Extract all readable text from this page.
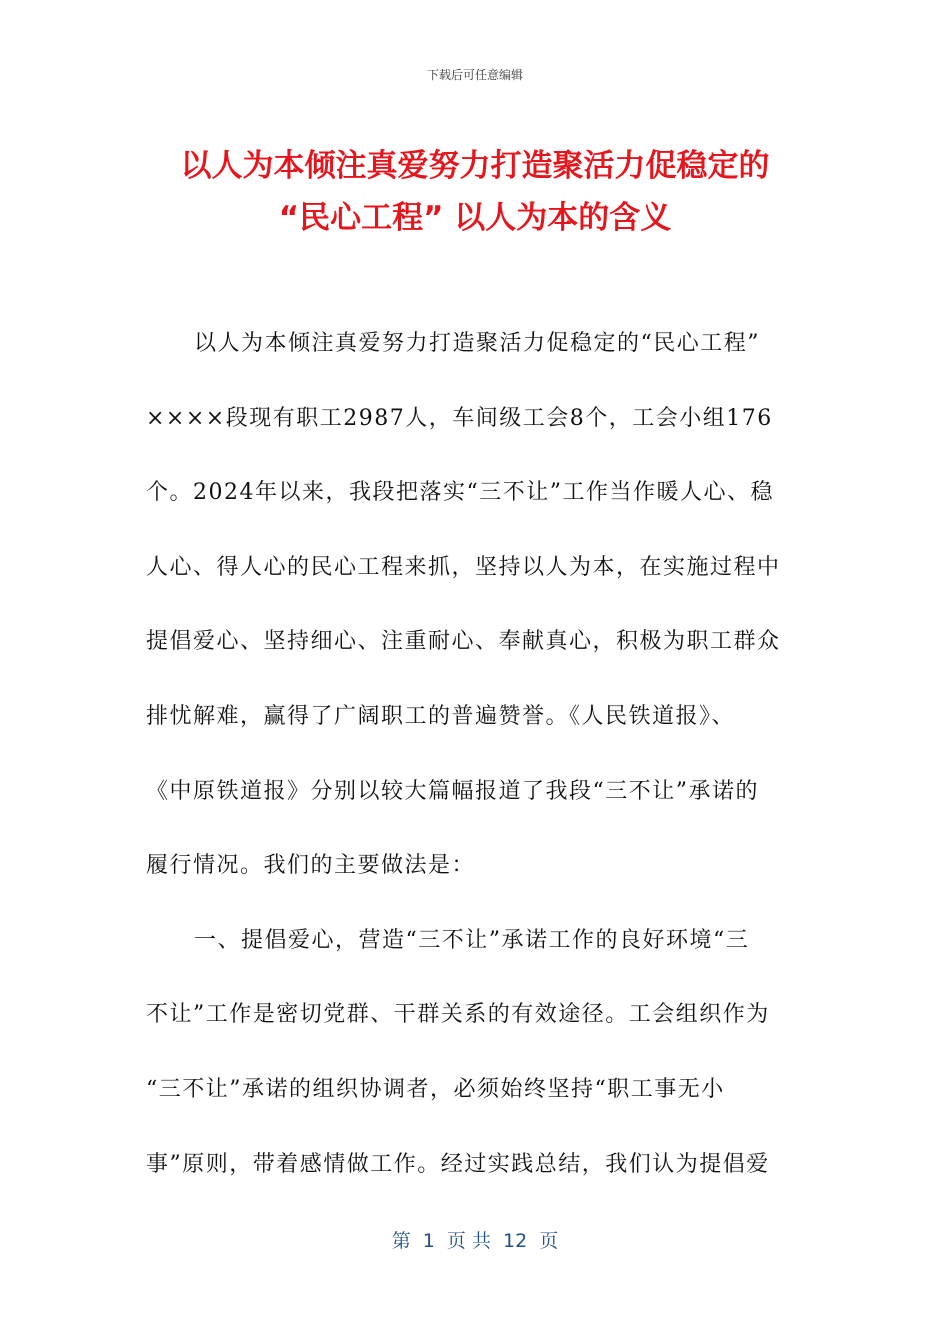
下载后可任意编辑
以人为本倾注真爱努力打造聚活力促稳定的
“民心工程” 以人为本的含义
以人为本倾注真爱努力打造聚活力促稳定的“民心工程”
××××段现有职工2987人，车间级工会8个，工会小组176
个。2024年以来，我段把落实“三不让”工作当作暖人心、稳
人心、得人心的民心工程来抓，坚持以人为本，在实施过程中
提倡爱心、坚持细心、注重耐心、奉献真心，积极为职工群众
排忧解难，赢得了广阔职工的普遍赞誉。《人民铁道报》、
《中原铁道报》分别以较大篇幅报道了我段“三不让”承诺的
履行情况。我们的主要做法是：
一、提倡爱心，营造“三不让”承诺工作的良好环境“三
不让”工作是密切党群、干群关系的有效途径。工会组织作为
“三不让”承诺的组织协调者，必须始终坚持“职工事无小
事”原则，带着感情做工作。经过实践总结，我们认为提倡爱
第  1  页 共  12  页
